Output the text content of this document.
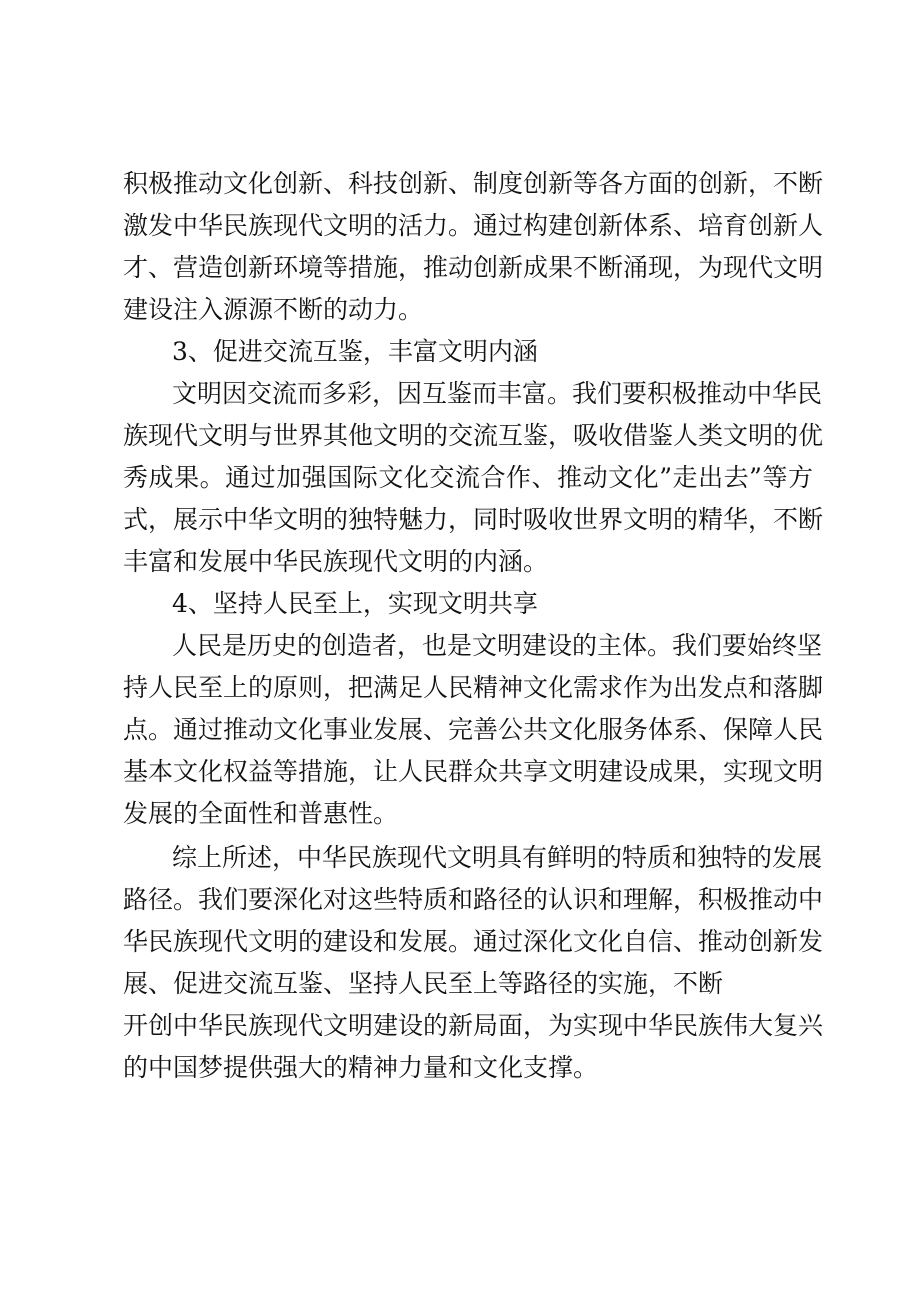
积极推动文化创新、科技创新、制度创新等各方面的创新，不断
激发中华民族现代文明的活力。通过构建创新体系、培育创新人
才、营造创新环境等措施，推动创新成果不断涌现，为现代文明
建设注入源源不断的动力。
3、促进交流互鉴，丰富文明内涵
文明因交流而多彩，因互鉴而丰富。我们要积极推动中华民
族现代文明与世界其他文明的交流互鉴，吸收借鉴人类文明的优
秀成果。通过加强国际文化交流合作、推动文化”走出去”等方
式，展示中华文明的独特魅力，同时吸收世界文明的精华，不断
丰富和发展中华民族现代文明的内涵。
4、坚持人民至上，实现文明共享
人民是历史的创造者，也是文明建设的主体。我们要始终坚
持人民至上的原则，把满足人民精神文化需求作为出发点和落脚
点。通过推动文化事业发展、完善公共文化服务体系、保障人民
基本文化权益等措施，让人民群众共享文明建设成果，实现文明
发展的全面性和普惠性。
综上所述，中华民族现代文明具有鲜明的特质和独特的发展
路径。我们要深化对这些特质和路径的认识和理解，积极推动中
华民族现代文明的建设和发展。通过深化文化自信、推动创新发
展、促进交流互鉴、坚持人民至上等路径的实施，不断
开创中华民族现代文明建设的新局面，为实现中华民族伟大复兴
的中国梦提供强大的精神力量和文化支撑。
